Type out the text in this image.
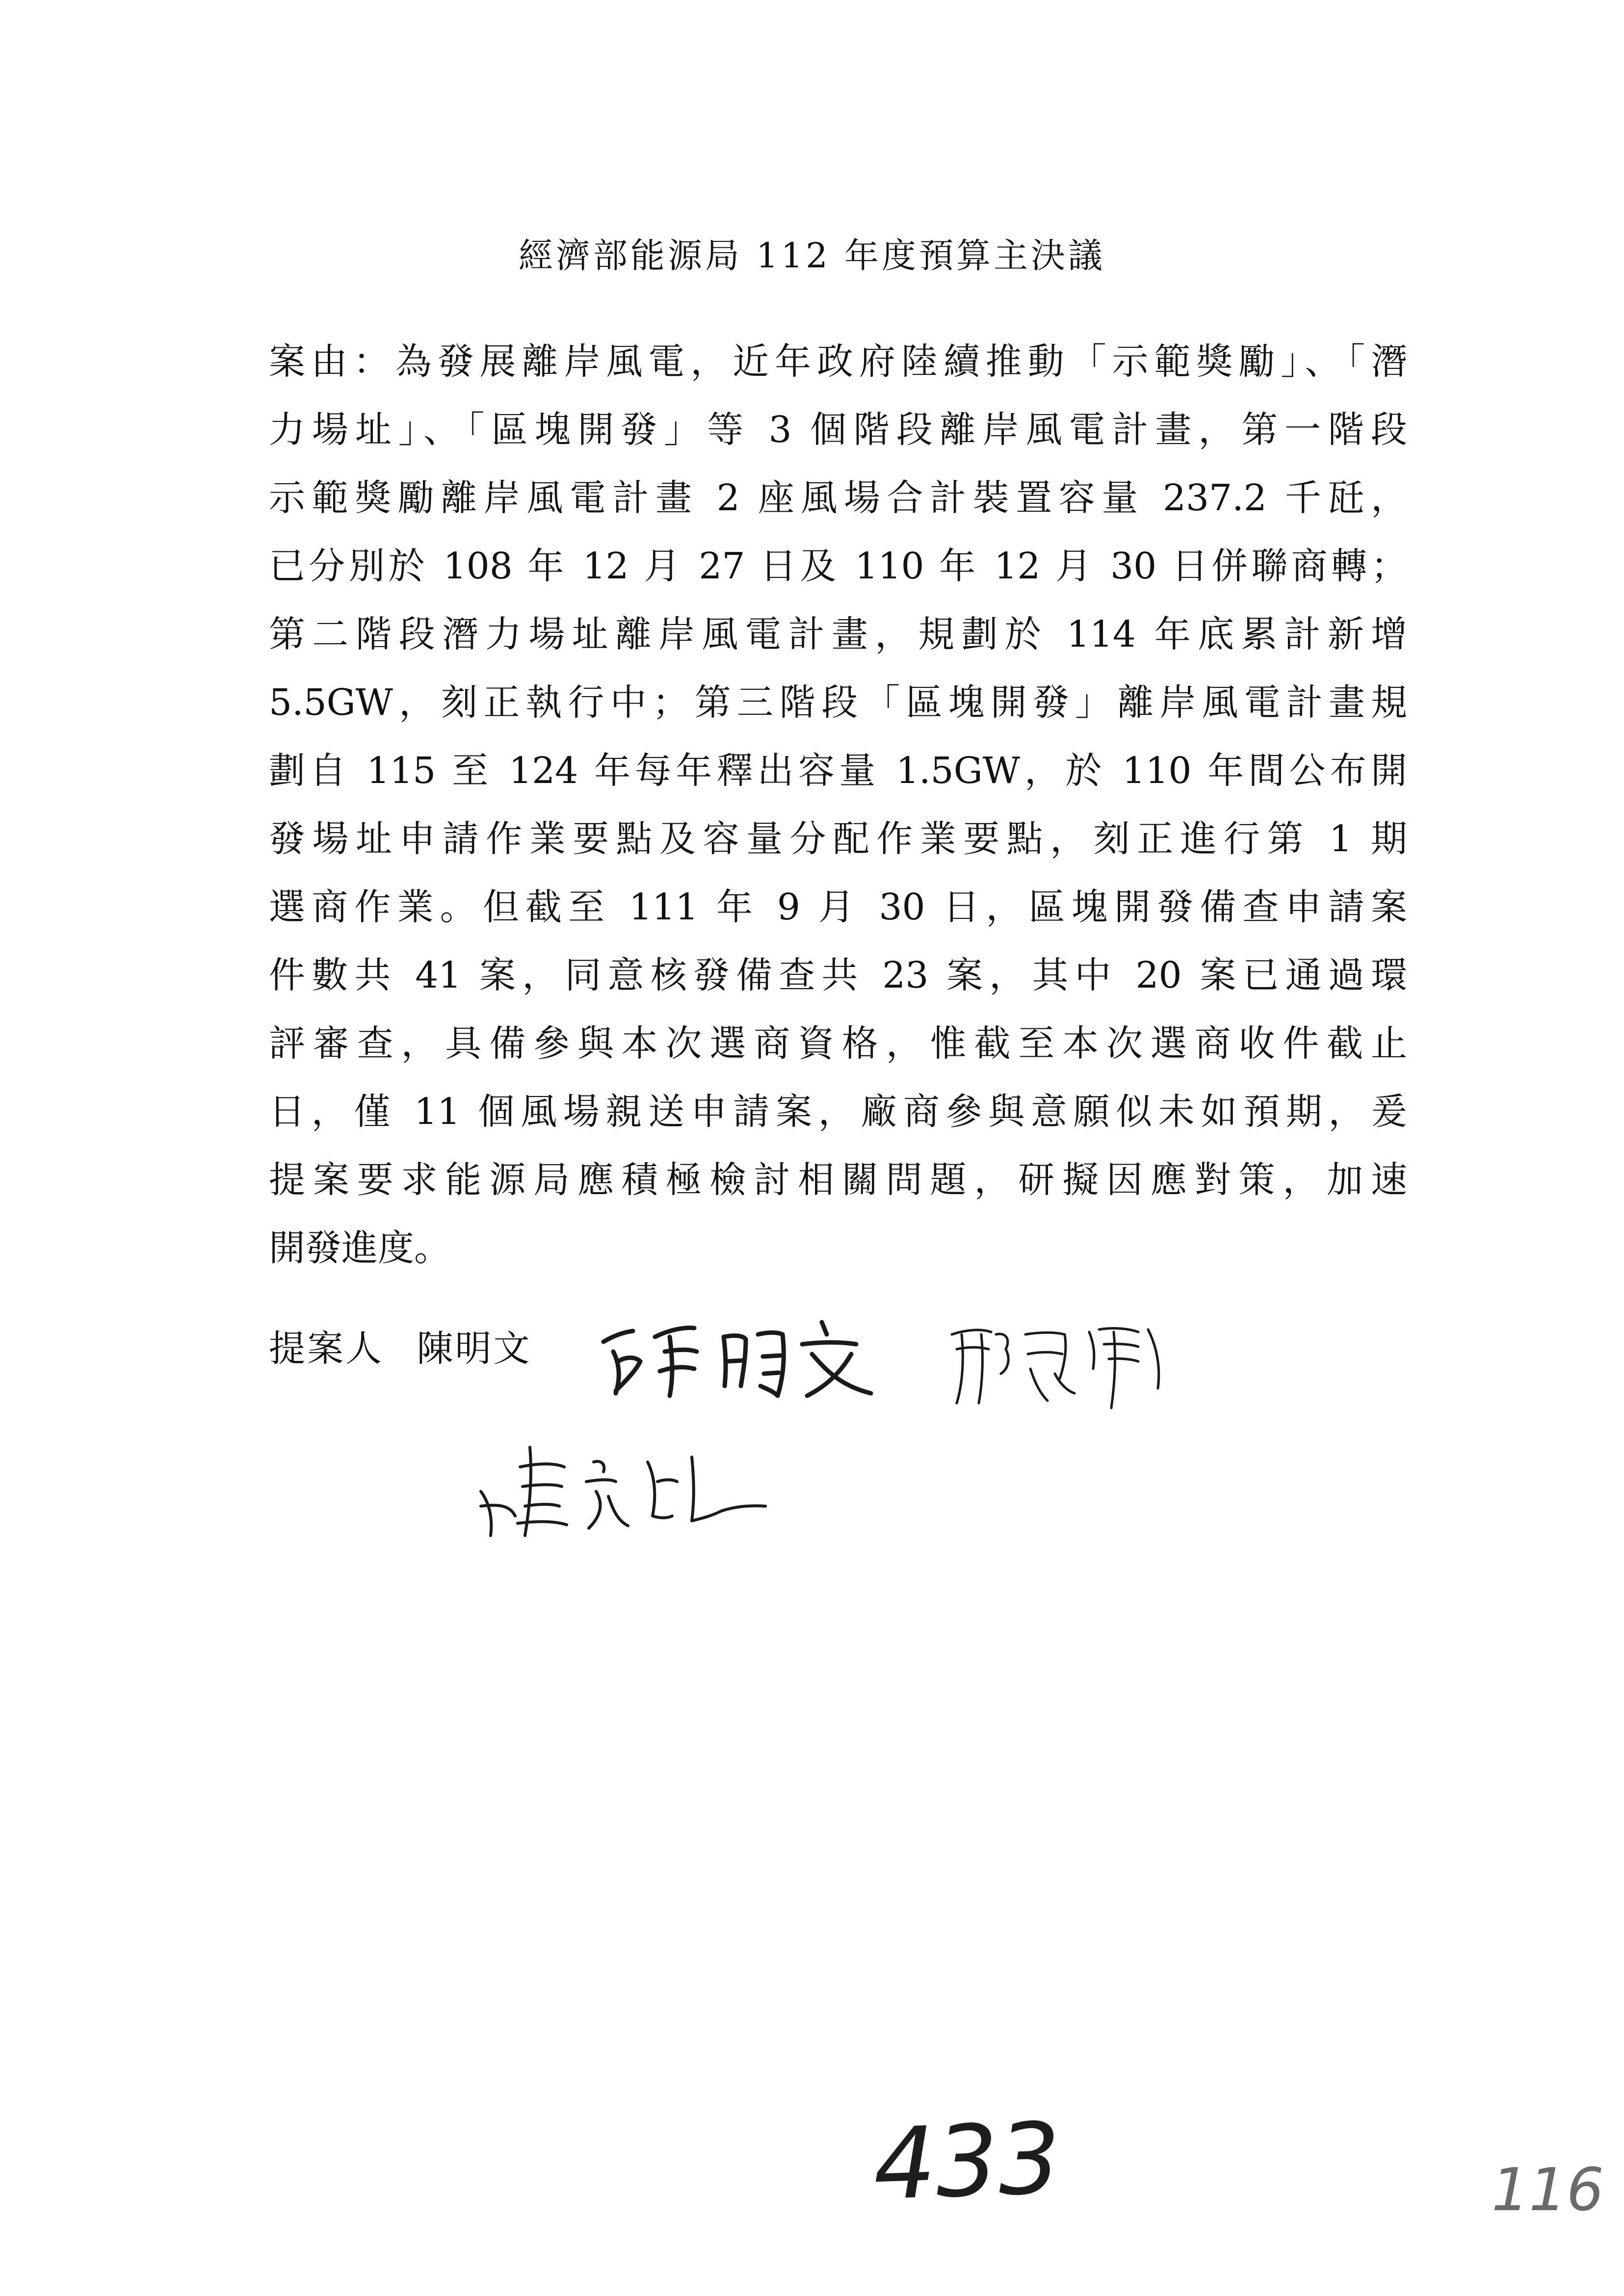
經濟部能源局 112 年度預算主決議
案由：為發展離岸風電，近年政府陸續推動「示範獎勵」、「潛
力場址」、「區塊開發」等 3 個階段離岸風電計畫，第一階段
示範獎勵離岸風電計畫 2 座風場合計裝置容量 237.2 千瓩，
已分別於 108 年 12 月 27 日及 110 年 12 月 30 日併聯商轉；
第二階段潛力場址離岸風電計畫，規劃於 114 年底累計新增
5.5GW，刻正執行中；第三階段「區塊開發」離岸風電計畫規
劃自 115 至 124 年每年釋出容量 1.5GW，於 110 年間公布開
發場址申請作業要點及容量分配作業要點，刻正進行第 1 期
選商作業。但截至 111 年 9 月 30 日，區塊開發備查申請案
件數共 41 案，同意核發備查共 23 案，其中 20 案已通過環
評審查，具備參與本次選商資格，惟截至本次選商收件截止
日，僅 11 個風場親送申請案，廠商參與意願似未如預期，爰
提案要求能源局應積極檢討相關問題，研擬因應對策，加速
開發進度。
提案人 陳明文
433	116
